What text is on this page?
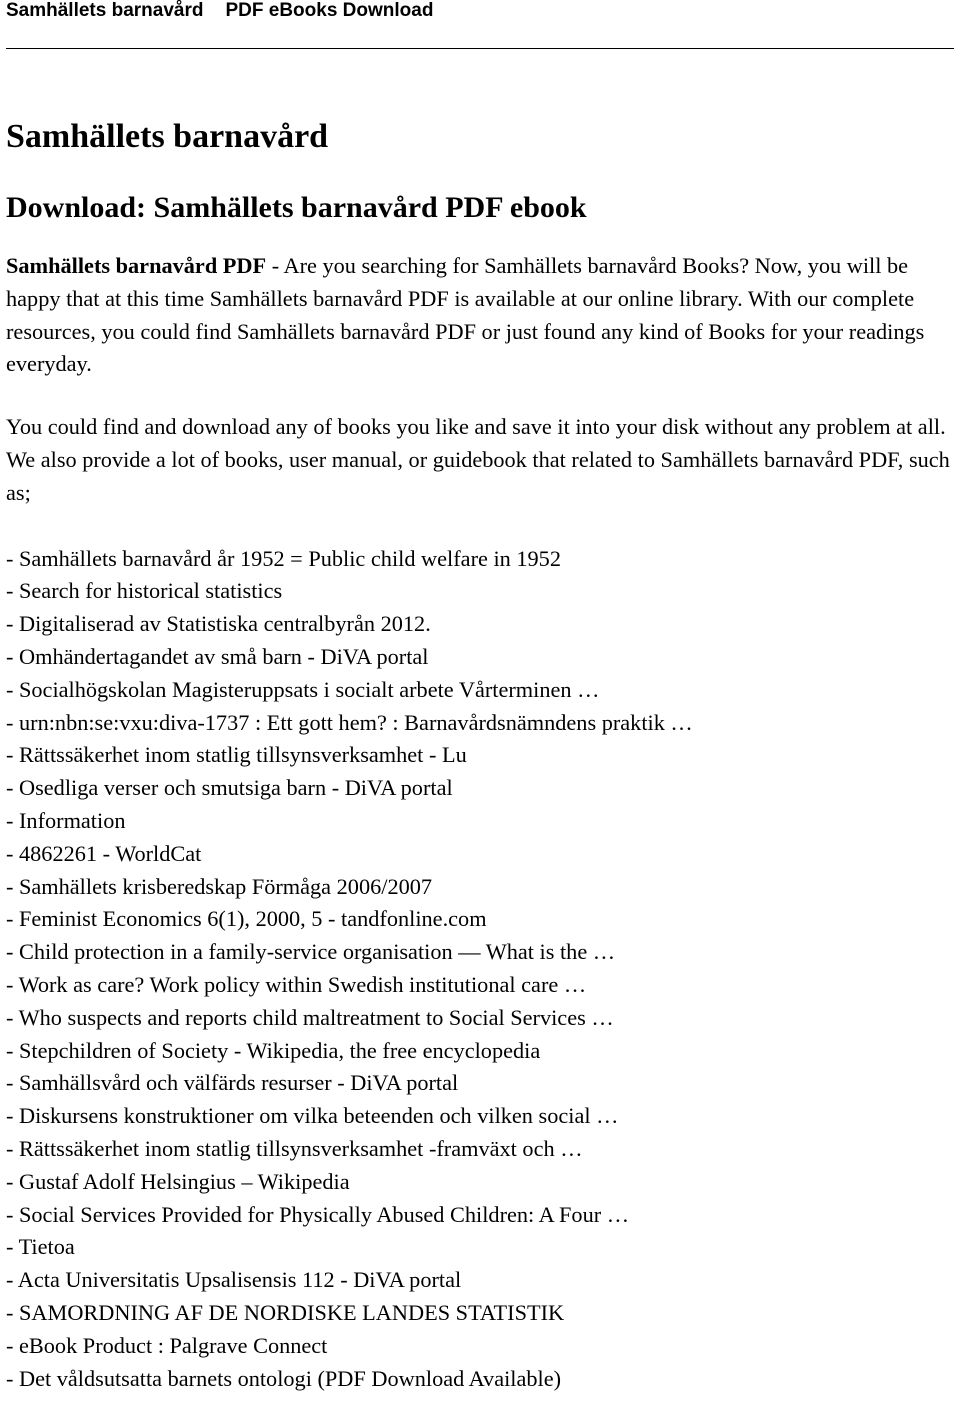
Samhällets barnavård PDF eBooks Download
Samhällets barnavård
Download: Samhällets barnavård PDF ebook

Samhällets barnavård PDF - Are you searching for Samhällets barnavård Books? Now, you will be happy that at this time Samhällets barnavård PDF is available at our online library. With our complete resources, you could find Samhällets barnavård PDF or just found any kind of Books for your readings everyday.

You could find and download any of books you like and save it into your disk without any problem at all. We also provide a lot of books, user manual, or guidebook that related to Samhällets barnavård PDF, such as;

- Samhällets barnavård år 1952 = Public child welfare in 1952
- Search for historical statistics
- Digitaliserad av Statistiska centralbyrån 2012.
- Omhändertagandet av små barn - DiVA portal
- Socialhögskolan Magisteruppsats i socialt arbete Vårterminen …
- urn:nbn:se:vxu:diva-1737 : Ett gott hem? : Barnavårdsnämndens praktik …
- Rättssäkerhet inom statlig tillsynsverksamhet - Lu
- Osedliga verser och smutsiga barn - DiVA portal
- Information
- 4862261 - WorldCat
- Samhällets krisberedskap Förmåga 2006/2007
- Feminist Economics 6(1), 2000, 5 - tandfonline.com
- Child protection in a family-service organisation — What is the …
- Work as care? Work policy within Swedish institutional care …
- Who suspects and reports child maltreatment to Social Services …
- Stepchildren of Society - Wikipedia, the free encyclopedia
- Samhällsvård och välfärds resurser - DiVA portal
- Diskursens konstruktioner om vilka beteenden och vilken social …
- Rättssäkerhet inom statlig tillsynsverksamhet -framväxt och …
- Gustaf Adolf Helsingius – Wikipedia
- Social Services Provided for Physically Abused Children: A Four …
- Tietoa
- Acta Universitatis Upsalisensis 112 - DiVA portal
- SAMORDNING AF DE NORDISKE LANDES STATISTIK
- eBook Product : Palgrave Connect
- Det våldsutsatta barnets ontologi (PDF Download Available)
